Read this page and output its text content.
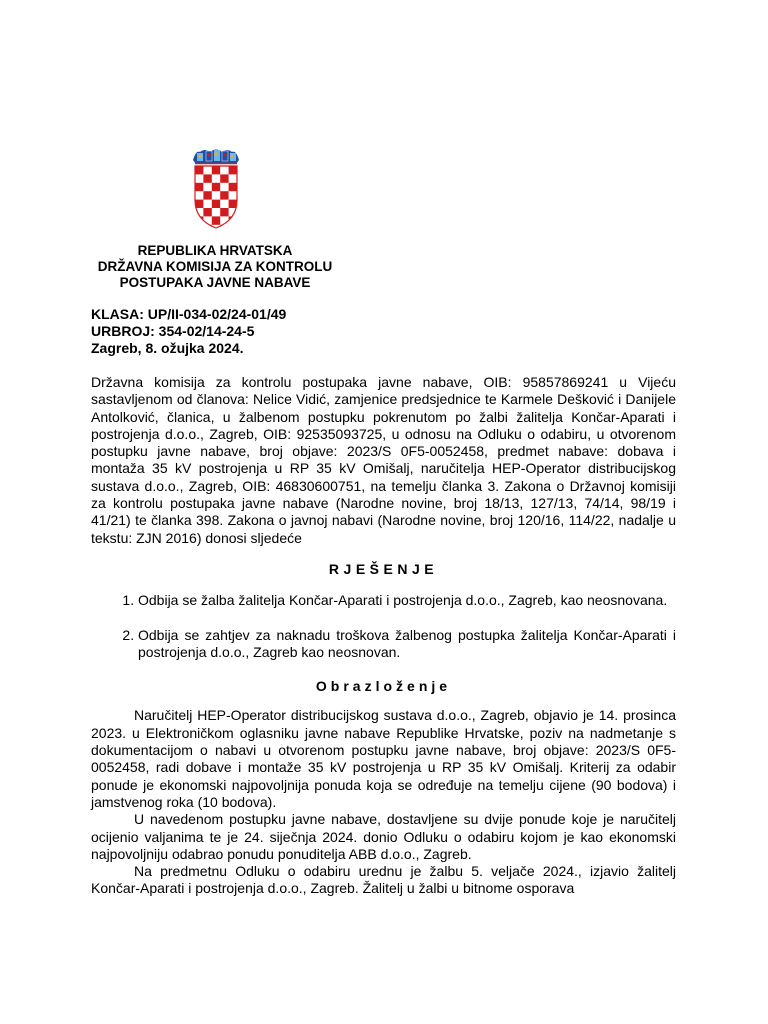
REPUBLIKA HRVATSKA
DRŽAVNA KOMISIJA ZA KONTROLU
POSTUPAKA JAVNE NABAVE
KLASA: UP/II-034-02/24-01/49
URBROJ: 354-02/14-24-5
Zagreb, 8. ožujka 2024.

Državna komisija za kontrolu postupaka javne nabave, OIB: 95857869241 u Vijeću sastavljenom od članova: Nelice Vidić, zamjenice predsjednice te Karmele Dešković i Danijele Antolković, članica, u žalbenom postupku pokrenutom po žalbi žalitelja Končar-Aparati i postrojenja d.o.o., Zagreb, OIB: 92535093725, u odnosu na Odluku o odabiru, u otvorenom postupku javne nabave, broj objave: 2023/S 0F5-0052458, predmet nabave: dobava i montaža 35 kV postrojenja u RP 35 kV Omišalj, naručitelja HEP-Operator distribucijskog sustava d.o.o., Zagreb, OIB: 46830600751, na temelju članka 3. Zakona o Državnoj komisiji za kontrolu postupaka javne nabave (Narodne novine, broj 18/13, 127/13, 74/14, 98/19 i 41/21) te članka 398. Zakona o javnoj nabavi (Narodne novine, broj 120/16, 114/22, nadalje u tekstu: ZJN 2016) donosi sljedeće

RJEŠENJE
1. Odbija se žalba žalitelja Končar-Aparati i postrojenja d.o.o., Zagreb, kao neosnovana.
2. Odbija se zahtjev za naknadu troškova žalbenog postupka žalitelja Končar-Aparati i postrojenja d.o.o., Zagreb kao neosnovan.
Obrazloženje

Naručitelj HEP-Operator distribucijskog sustava d.o.o., Zagreb, objavio je 14. prosinca 2023. u Elektroničkom oglasniku javne nabave Republike Hrvatske, poziv na nadmetanje s dokumentacijom o nabavi u otvorenom postupku javne nabave, broj objave: 2023/S 0F5-0052458, radi dobave i montaže 35 kV postrojenja u RP 35 kV Omišalj. Kriterij za odabir ponude je ekonomski najpovoljnija ponuda koja se određuje na temelju cijene (90 bodova) i jamstvenog roka (10 bodova).

U navedenom postupku javne nabave, dostavljene su dvije ponude koje je naručitelj ocijenio valjanima te je 24. siječnja 2024. donio Odluku o odabiru kojom je kao ekonomski najpovoljniju odabrao ponudu ponuditelja ABB d.o.o., Zagreb.

Na predmetnu Odluku o odabiru urednu je žalbu 5. veljače 2024., izjavio žalitelj Končar-Aparati i postrojenja d.o.o., Zagreb. Žalitelj u žalbi u bitnome osporava
